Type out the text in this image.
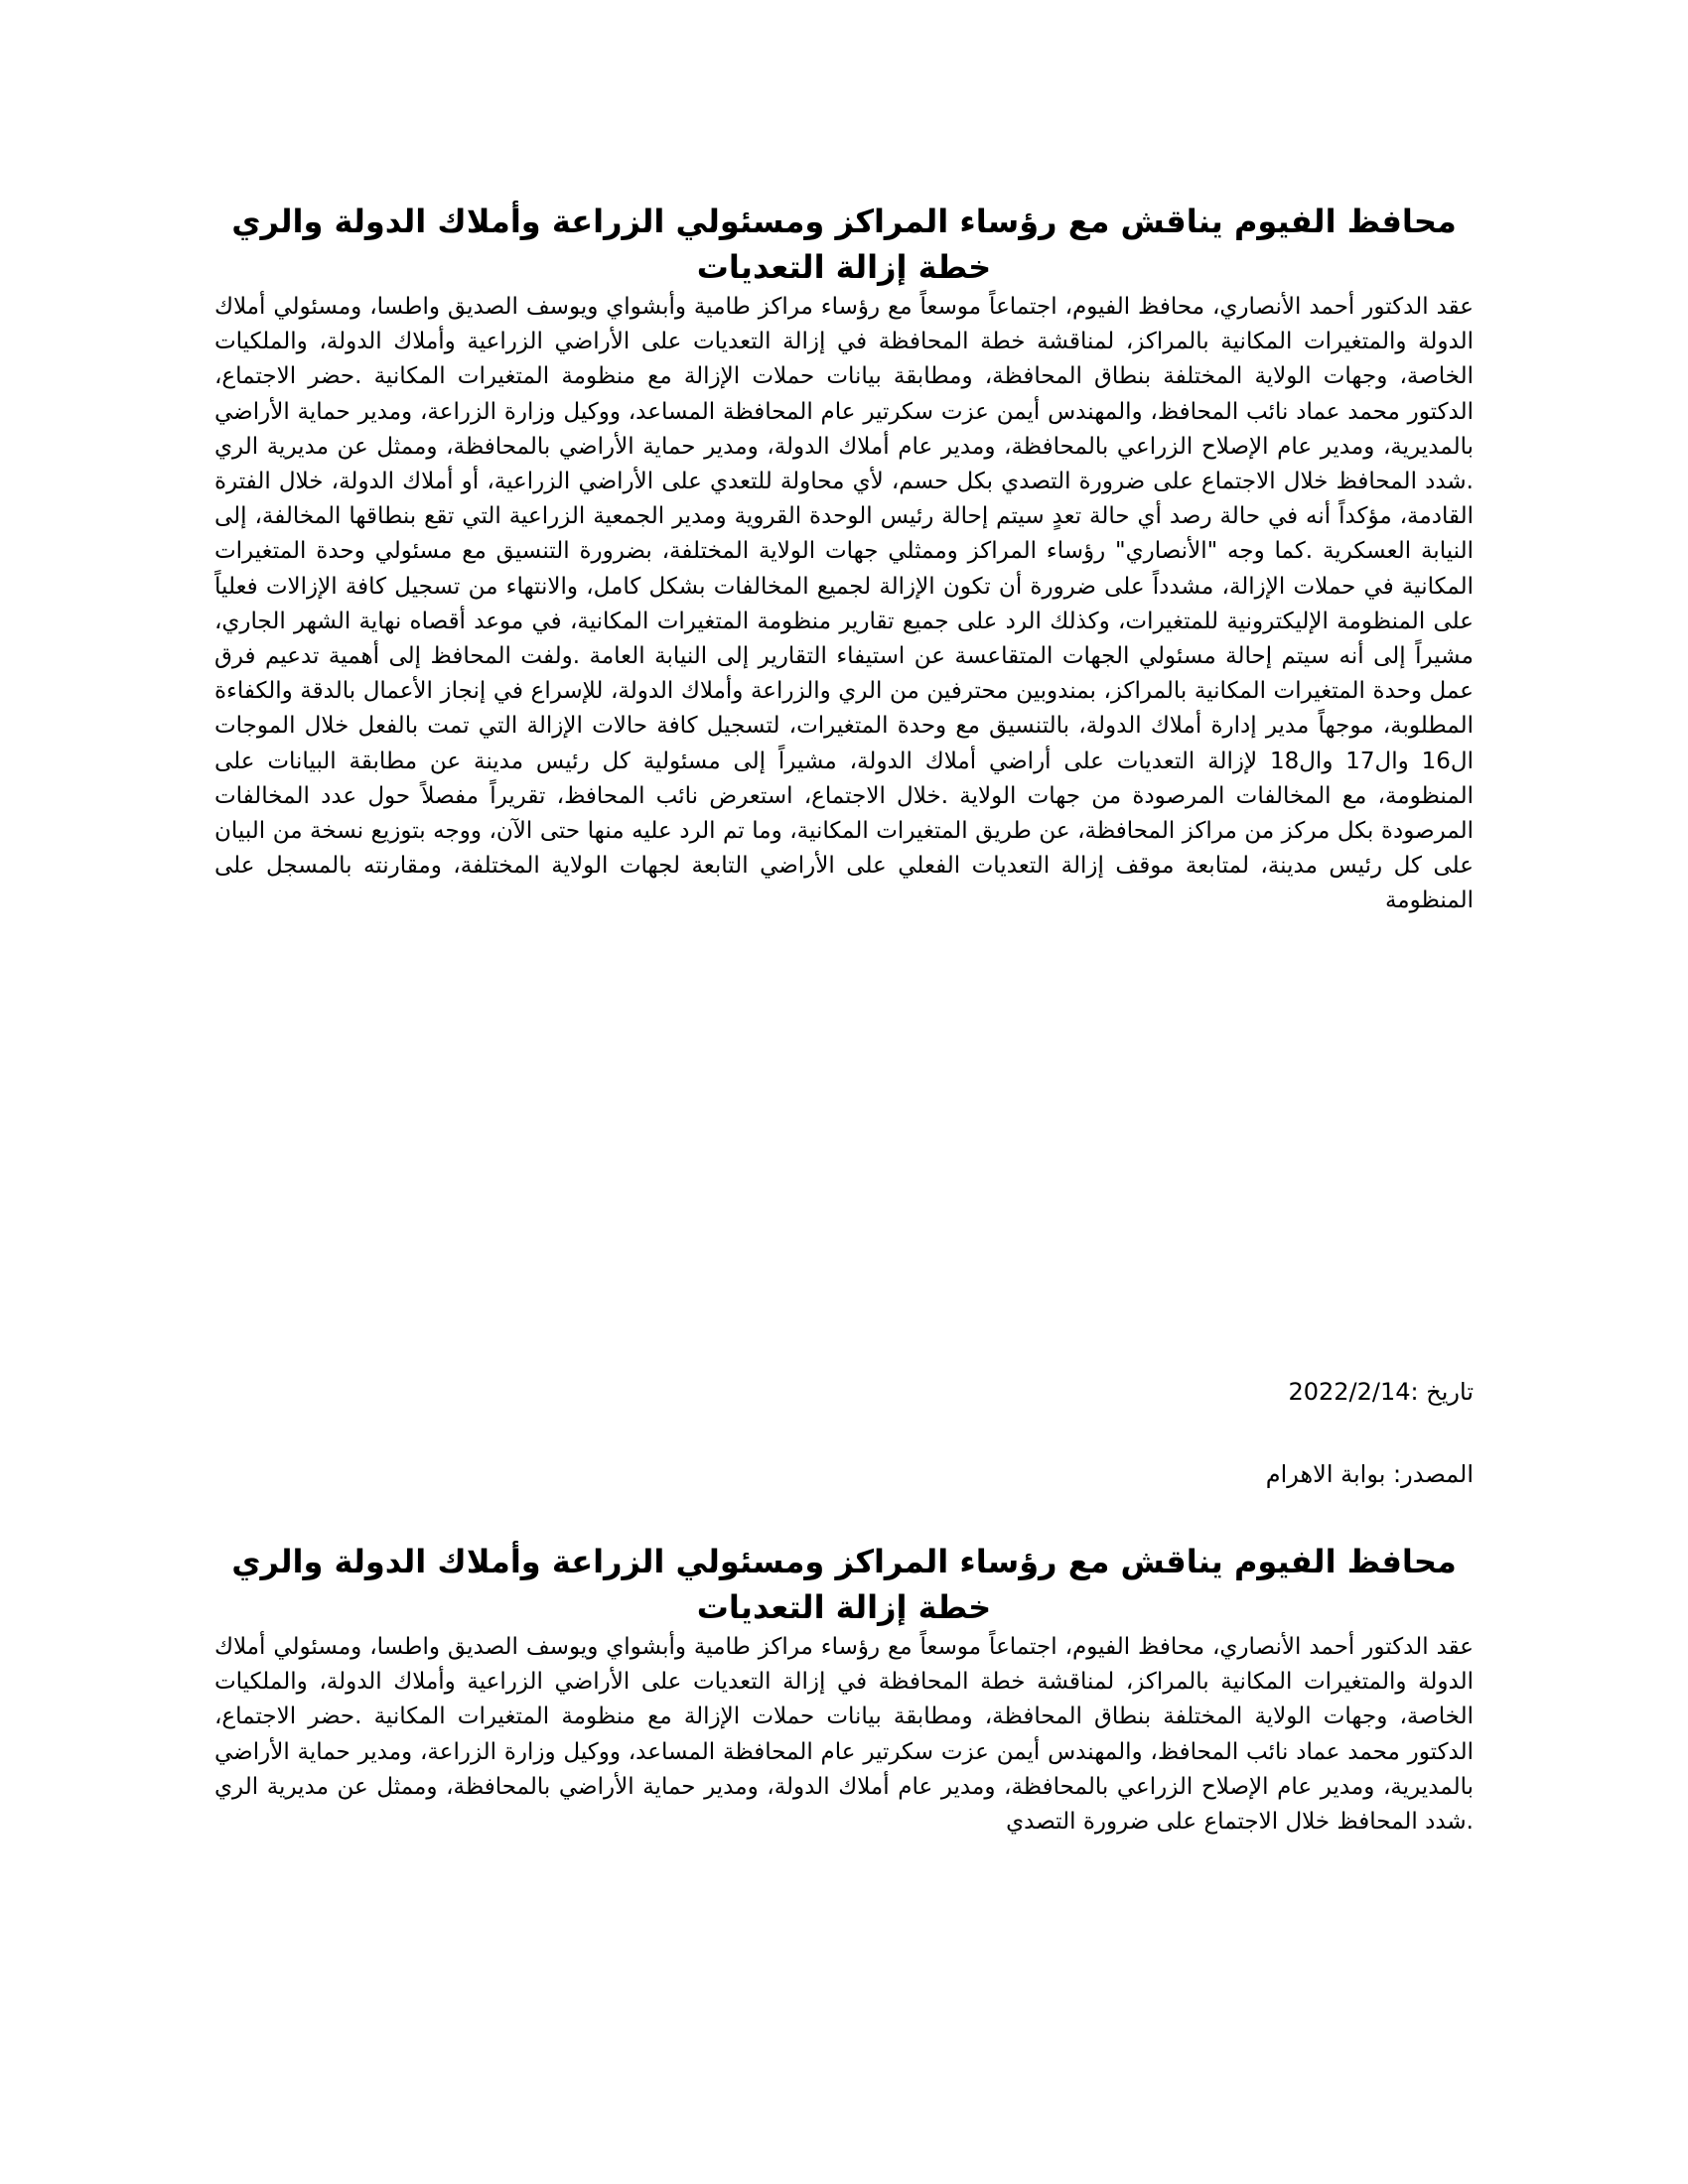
محافظ الفيوم يناقش مع رؤساء المراكز ومسئولي الزراعة وأملاك الدولة والري خطة إزالة التعديات

عقد الدكتور أحمد الأنصاري، محافظ الفيوم، اجتماعاً موسعاً مع رؤساء مراكز طامية وأبشواي ويوسف الصديق واطسا، ومسئولي أملاك الدولة والمتغيرات المكانية بالمراكز، لمناقشة خطة المحافظة في إزالة التعديات على الأراضي الزراعية وأملاك الدولة، والملكيات الخاصة، وجهات الولاية المختلفة بنطاق المحافظة، ومطابقة بيانات حملات الإزالة مع منظومة المتغيرات المكانية .حضر الاجتماع، الدكتور محمد عماد نائب المحافظ، والمهندس أيمن عزت سكرتير عام المحافظة المساعد، ووكيل وزارة الزراعة، ومدير حماية الأراضي بالمديرية، ومدير عام الإصلاح الزراعي بالمحافظة، ومدير عام أملاك الدولة، ومدير حماية الأراضي بالمحافظة، وممثل عن مديرية الري .شدد المحافظ خلال الاجتماع على ضرورة التصدي بكل حسم، لأي محاولة للتعدي على الأراضي الزراعية، أو أملاك الدولة، خلال الفترة القادمة، مؤكداً أنه في حالة رصد أي حالة تعدٍ سيتم إحالة رئيس الوحدة القروية ومدير الجمعية الزراعية التي تقع بنطاقها المخالفة، إلى النيابة العسكرية .كما وجه "الأنصاري" رؤساء المراكز وممثلي جهات الولاية المختلفة، بضرورة التنسيق مع مسئولي وحدة المتغيرات المكانية في حملات الإزالة، مشدداً على ضرورة أن تكون الإزالة لجميع المخالفات بشكل كامل، والانتهاء من تسجيل كافة الإزالات فعلياً على المنظومة الإليكترونية للمتغيرات، وكذلك الرد على جميع تقارير منظومة المتغيرات المكانية، في موعد أقصاه نهاية الشهر الجاري، مشيراً إلى أنه سيتم إحالة مسئولي الجهات المتقاعسة عن استيفاء التقارير إلى النيابة العامة .ولفت المحافظ إلى أهمية تدعيم فرق عمل وحدة المتغيرات المكانية بالمراكز، بمندوبين محترفين من الري والزراعة وأملاك الدولة، للإسراع في إنجاز الأعمال بالدقة والكفاءة المطلوبة، موجهاً مدير إدارة أملاك الدولة، بالتنسيق مع وحدة المتغيرات، لتسجيل كافة حالات الإزالة التي تمت بالفعل خلال الموجات ال16 وال17 وال18 لإزالة التعديات على أراضي أملاك الدولة، مشيراً إلى مسئولية كل رئيس مدينة عن مطابقة البيانات على المنظومة، مع المخالفات المرصودة من جهات الولاية .خلال الاجتماع، استعرض نائب المحافظ، تقريراً مفصلاً حول عدد المخالفات المرصودة بكل مركز من مراكز المحافظة، عن طريق المتغيرات المكانية، وما تم الرد عليه منها حتى الآن، ووجه بتوزيع نسخة من البيان على كل رئيس مدينة، لمتابعة موقف إزالة التعديات الفعلي على الأراضي التابعة لجهات الولاية المختلفة، ومقارنته بالمسجل على المنظومة

تاريخ :2022/2/14

المصدر: بوابة الاهرام

محافظ الفيوم يناقش مع رؤساء المراكز ومسئولي الزراعة وأملاك الدولة والري خطة إزالة التعديات

عقد الدكتور أحمد الأنصاري، محافظ الفيوم، اجتماعاً موسعاً مع رؤساء مراكز طامية وأبشواي ويوسف الصديق واطسا، ومسئولي أملاك الدولة والمتغيرات المكانية بالمراكز، لمناقشة خطة المحافظة في إزالة التعديات على الأراضي الزراعية وأملاك الدولة، والملكيات الخاصة، وجهات الولاية المختلفة بنطاق المحافظة، ومطابقة بيانات حملات الإزالة مع منظومة المتغيرات المكانية .حضر الاجتماع، الدكتور محمد عماد نائب المحافظ، والمهندس أيمن عزت سكرتير عام المحافظة المساعد، ووكيل وزارة الزراعة، ومدير حماية الأراضي بالمديرية، ومدير عام الإصلاح الزراعي بالمحافظة، ومدير عام أملاك الدولة، ومدير حماية الأراضي بالمحافظة، وممثل عن مديرية الري .شدد المحافظ خلال الاجتماع على ضرورة التصدي
